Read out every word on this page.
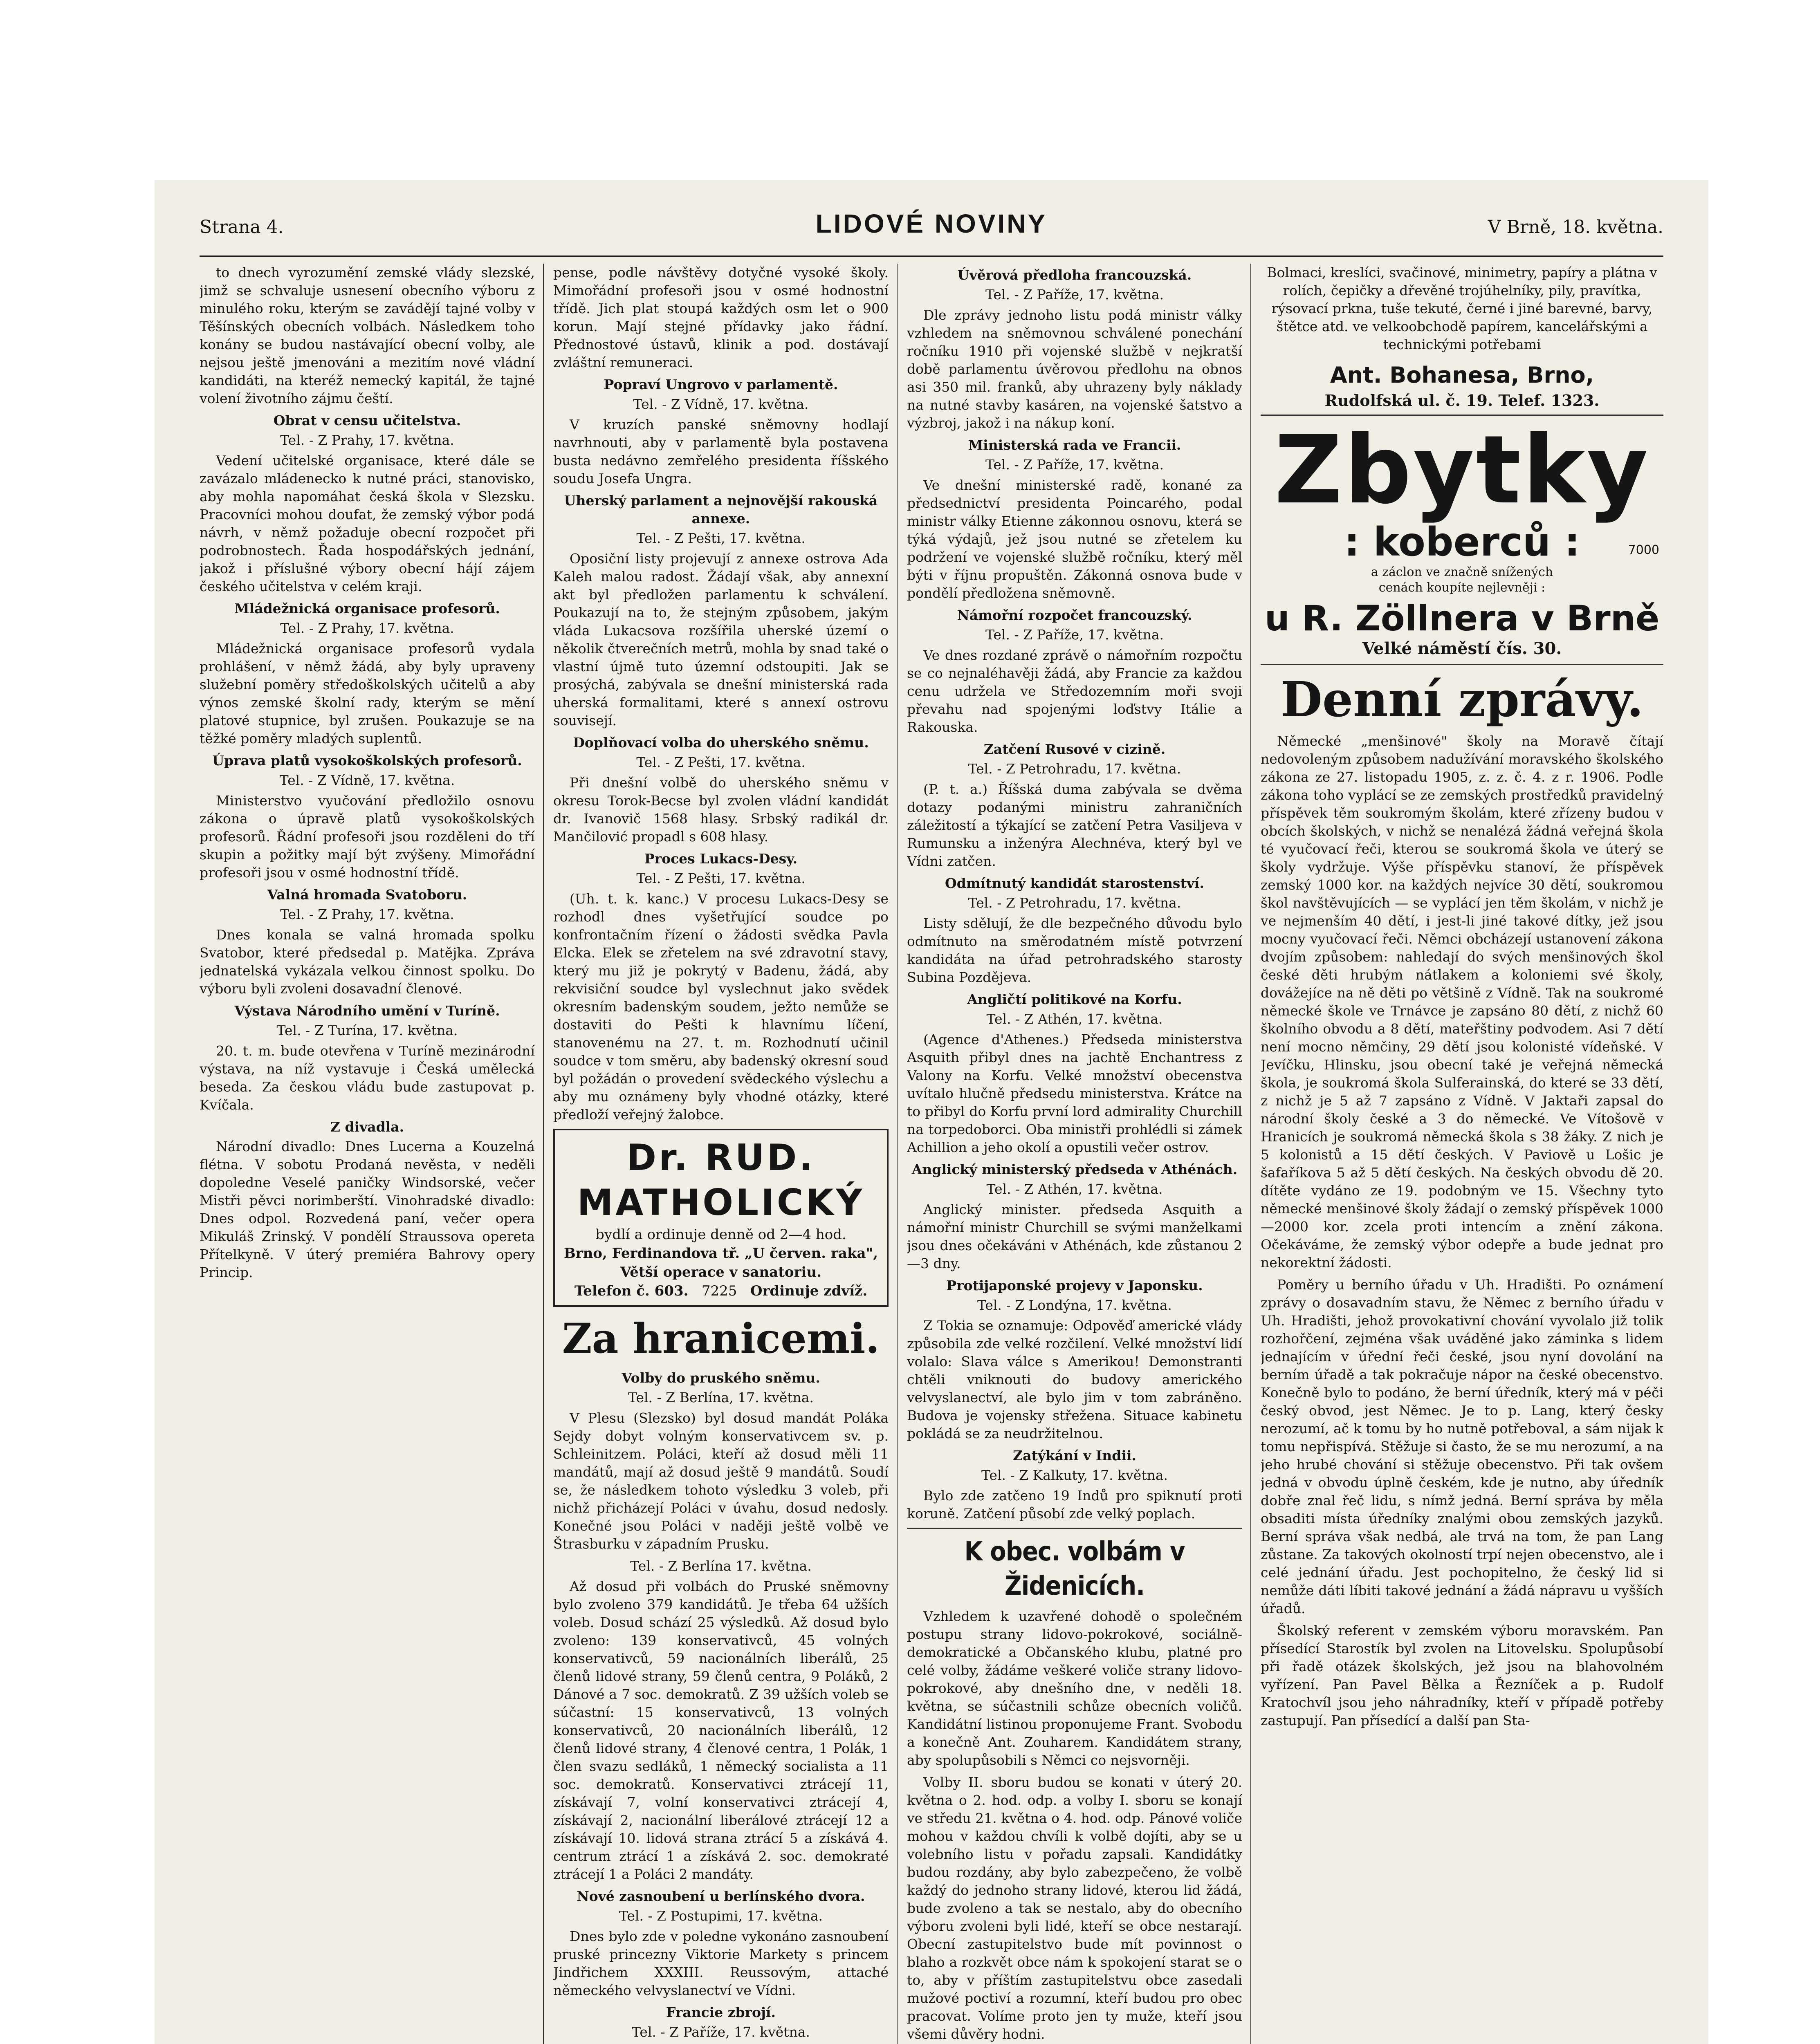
Strana 4.	LIDOVÉ NOVINY	V Brně, 18. května.

to dnech vyrozumění zemské vlády slezské, jimž se schvaluje usnesení obecního výboru z minulého roku, kterým se zavádějí tajné volby v Těšínských obecních volbách. Následkem toho konány se budou nastávající obecní volby, ale nejsou ještě jmenováni a mezitím nové vládní kandidáti, na kteréž nemecký kapitál, že tajné volení životního zájmu čeští.

Obrat v censu učitelstva.

Tel. - Z Prahy, 17. května.

Vedení učitelské organisace, které dále se zavázalo mládenecko k nutné práci, stanovisko, aby mohla napomáhat česká škola v Slezsku. Pracovníci mohou doufat, že zemský výbor podá návrh, v němž požaduje obecní rozpočet při podrobnostech. Řada hospodářských jednání, jakož i příslušné výbory obecní hájí zájem českého učitelstva v celém kraji.

Mládežnická organisace profesorů.

Tel. - Z Prahy, 17. května.

Mládežnická organisace profesorů vydala prohlášení, v němž žádá, aby byly upraveny služební poměry středoškolských učitelů a aby výnos zemské školní rady, kterým se mění platové stupnice, byl zrušen. Poukazuje se na těžké poměry mladých suplentů.

Úprava platů vysokoškolských profesorů.

Tel. - Z Vídně, 17. května.

Ministerstvo vyučování předložilo osnovu zákona o úpravě platů vysokoškolských profesorů. Řádní profesoři jsou rozděleni do tří skupin a požitky mají být zvýšeny. Mimořádní profesoři jsou v osmé hodnostní třídě.

Valná hromada Svatoboru.

Tel. - Z Prahy, 17. května.

Dnes konala se valná hromada spolku Svatobor, které předsedal p. Matějka. Zpráva jednatelská vykázala velkou činnost spolku. Do výboru byli zvoleni dosavadní členové.

Výstava Národního umění v Turíně.

Tel. - Z Turína, 17. května.

20. t. m. bude otevřena v Turíně mezinárodní výstava, na níž vystavuje i Česká umělecká beseda. Za českou vládu bude zastupovat p. Kvíčala.

Z divadla.

Národní divadlo: Dnes Lucerna a Kouzelná flétna. V sobotu Prodaná nevěsta, v neděli dopoledne Veselé paničky Windsorské, večer Mistři pěvci norimberští. Vinohradské divadlo: Dnes odpol. Rozvedená paní, večer opera Mikuláš Zrinský. V pondělí Straussova opereta Přítelkyně. V úterý premiéra Bahrovy opery Princip.

pense, podle návštěvy dotyčné vysoké školy. Mimořádní profesoři jsou v osmé hodnostní třídě. Jich plat stoupá každých osm let o 900 korun. Mají stejné přídavky jako řádní. Přednostové ústavů, klinik a pod. dostávají zvláštní remuneraci.

Popraví Ungrovo v parlamentě.

Tel. - Z Vídně, 17. května.

V kruzích panské sněmovny hodlají navrhnouti, aby v parlamentě byla postavena busta nedávno zemřelého presidenta říšského soudu Josefa Ungra.

Uherský parlament a nejnovější rakouská annexe.

Tel. - Z Pešti, 17. května.

Oposiční listy projevují z annexe ostrova Ada Kaleh malou radost. Žádají však, aby annexní akt byl předložen parlamentu k schválení. Poukazují na to, že stejným způsobem, jakým vláda Lukacsova rozšířila uherské území o několik čtverečních metrů, mohla by snad také o vlastní újmě tuto územní odstoupiti. Jak se prosýchá, zabývala se dnešní ministerská rada uherská formalitami, které s annexí ostrovu souvisejí.

Doplňovací volba do uherského sněmu.

Tel. - Z Pešti, 17. května.

Při dnešní volbě do uherského sněmu v okresu Torok-Becse byl zvolen vládní kandidát dr. Ivanovič 1568 hlasy. Srbský radikál dr. Mančilović propadl s 608 hlasy.

Proces Lukacs-Desy.

Tel. - Z Pešti, 17. května.

(Uh. t. k. kanc.) V procesu Lukacs-Desy se rozhodl dnes vyšetřující soudce po konfrontačním řízení o žádosti svědka Pavla Elcka. Elek se zřetelem na své zdravotní stavy, který mu již je pokrytý v Badenu, žádá, aby rekvisiční soudce byl vyslechnut jako svědek okresním badenským soudem, ježto nemůže se dostaviti do Pešti k hlavnímu líčení, stanovenému na 27. t. m. Rozhodnutí učinil soudce v tom směru, aby badenský okresní soud byl požádán o provedení svědeckého výslechu a aby mu oznámeny byly vhodné otázky, které předloží veřejný žalobce.

Dr. RUD. MATHOLICKÝ
bydlí a ordinuje denně od 2—4 hod.
Brno, Ferdinandova tř. „U červen. raka",
Větší operace v sanatoriu.
Telefon č. 603. 7225 Ordinuje zdvíž.
Za hranicemi.

Volby do pruského sněmu.

Tel. - Z Berlína, 17. května.

V Plesu (Slezsko) byl dosud mandát Poláka Sejdy dobyt volným konservativcem sv. p. Schleinitzem. Poláci, kteří až dosud měli 11 mandátů, mají až dosud ještě 9 mandátů. Soudí se, že následkem tohoto výsledku 3 voleb, při nichž přicházejí Poláci v úvahu, dosud nedosly. Konečné jsou Poláci v naději ještě volbě ve Štrasburku v západním Prusku.

Tel. - Z Berlína 17. května.

Až dosud při volbách do Pruské sněmovny bylo zvoleno 379 kandidátů. Je třeba 64 užších voleb. Dosud schází 25 výsledků. Až dosud bylo zvoleno: 139 konservativců, 45 volných konservativců, 59 nacionálních liberálů, 25 členů lidové strany, 59 členů centra, 9 Poláků, 2 Dánové a 7 soc. demokratů. Z 39 užších voleb se súčastní: 15 konservativců, 13 volných konservativců, 20 nacionálních liberálů, 12 členů lidové strany, 4 členové centra, 1 Polák, 1 člen svazu sedláků, 1 německý socialista a 11 soc. demokratů. Konservativci ztrácejí 11, získávají 7, volní konservativci ztrácejí 4, získávají 2, nacionální liberálové ztrácejí 12 a získávají 10. lidová strana ztrácí 5 a získává 4. centrum ztrácí 1 a získává 2. soc. demokraté ztrácejí 1 a Poláci 2 mandáty.

Nové zasnoubení u berlínského dvora.

Tel. - Z Postupimi, 17. května.

Dnes bylo zde v poledne vykonáno zasnoubení pruské princezny Viktorie Markety s princem Jindřichem XXXIII. Reussovým, attaché německého velvyslanectví ve Vídni.

Francie zbrojí.

Tel. - Z Paříže, 17. května.

Úvěrová předloha francouzská.

Tel. - Z Paříže, 17. května.

Dle zprávy jednoho listu podá ministr války vzhledem na sněmovnou schválené ponechání ročníku 1910 při vojenské službě v nejkratší době parlamentu úvěrovou předlohu na obnos asi 350 mil. franků, aby uhrazeny byly náklady na nutné stavby kasáren, na vojenské šatstvo a výzbroj, jakož i na nákup koní.

Ministerská rada ve Francii.

Tel. - Z Paříže, 17. května.

Ve dnešní ministerské radě, konané za předsednictví presidenta Poincarého, podal ministr války Etienne zákonnou osnovu, která se týká výdajů, jež jsou nutné se zřetelem ku podržení ve vojenské službě ročníku, který měl býti v říjnu propuštěn. Zákonná osnova bude v pondělí předložena sněmovně.

Námořní rozpočet francouzský.

Tel. - Z Paříže, 17. května.

Ve dnes rozdané zprávě o námořním rozpočtu se co nejnaléhavěji žádá, aby Francie za každou cenu udržela ve Středozemním moři svoji převahu nad spojenými loďstvy Itálie a Rakouska.

Zatčení Rusové v cizině.

Tel. - Z Petrohradu, 17. května.

(P. t. a.) Říšská duma zabývala se dvěma dotazy podanými ministru zahraničních záležitostí a týkající se zatčení Petra Vasiljeva v Rumunsku a inženýra Alechnéva, který byl ve Vídni zatčen.

Odmítnutý kandidát starostenství.

Tel. - Z Petrohradu, 17. května.

Listy sdělují, že dle bezpečného důvodu bylo odmítnuto na směrodatném místě potvrzení kandidáta na úřad petrohradského starosty Subina Pozdějeva.

Angličtí politikové na Korfu.

Tel. - Z Athén, 17. května.

(Agence d'Athenes.) Předseda ministerstva Asquith přibyl dnes na jachtě Enchantress z Valony na Korfu. Velké množství obecenstva uvítalo hlučně předsedu ministerstva. Krátce na to přibyl do Korfu první lord admirality Churchill na torpedoborci. Oba ministři prohlédli si zámek Achillion a jeho okolí a opustili večer ostrov.

Anglický ministerský předseda v Athénách.

Tel. - Z Athén, 17. května.

Anglický minister. předseda Asquith a námořní ministr Churchill se svými manželkami jsou dnes očekáváni v Athénách, kde zůstanou 2—3 dny.

Protijaponské projevy v Japonsku.

Tel. - Z Londýna, 17. května.

Z Tokia se oznamuje: Odpověď americké vlády způsobila zde velké rozčilení. Velké množství lidí volalo: Slava válce s Amerikou! Demonstranti chtěli vniknouti do budovy amerického velvyslanectví, ale bylo jim v tom zabráněno. Budova je vojensky střežena. Situace kabinetu pokládá se za neudržitelnou.

Zatýkání v Indii.

Tel. - Z Kalkuty, 17. května.

Bylo zde zatčeno 19 Indů pro spiknutí proti koruně. Zatčení působí zde velký poplach.

K obec. volbám v Židenicích.

Vzhledem k uzavřené dohodě o společném postupu strany lidovo-pokrokové, sociálně-demokratické a Občanského klubu, platné pro celé volby, žádáme veškeré voliče strany lidovo-pokrokové, aby dnešního dne, v neděli 18. května, se súčastnili schůze obecních voličů. Kandidátní listinou proponujeme Frant. Svobodu a konečně Ant. Zouharem. Kandidátem strany, aby spolupůsobili s Němci co nejsvorněji.

Volby II. sboru budou se konati v úterý 20. května o 2. hod. odp. a volby I. sboru se konají ve středu 21. května o 4. hod. odp. Pánové voliče mohou v každou chvíli k volbě dojíti, aby se u volebního listu v pořadu zapsali. Kandidátky budou rozdány, aby bylo zabezpečeno, že volbě každý do jednoho strany lidové, kterou lid žádá, bude zvoleno a tak se nestalo, aby do obecního výboru zvoleni byli lidé, kteří se obce nestarají. Obecní zastupitelstvo bude mít povinnost o blaho a rozkvět obce nám k spokojení starat se o to, aby v příštím zastupitelstvu obce zasedali mužové poctiví a rozumní, kteří budou pro obec pracovat. Volíme proto jen ty muže, kteří jsou všemi důvěry hodni.

Bolmaci, kreslíci, svačinové, minimetry, papíry a plátna v rolích, čepičky a dřevěné trojúhelníky, pily, pravítka, rýsovací prkna, tuše tekuté, černé i jiné barevné, barvy, štětce atd. ve velkoobchodě papírem, kancelářskými a technickými potřebami

Ant. Bohanesa, Brno,
Rudolfská ul. č. 19. Telef. 1323.
Zbytky
: koberců :	7000

a záclon ve značně snížených

cenách koupíte nejlevněji :

u R. Zöllnera v Brně
Velké náměstí čís. 30.
Denní zprávy.

Německé „menšinové" školy na Moravě čítají nedovoleným způsobem nadužívání moravského školského zákona ze 27. listopadu 1905, z. z. č. 4. z r. 1906. Podle zákona toho vyplácí se ze zemských prostředků pravidelný příspěvek těm soukromým školám, které zřízeny budou v obcích školských, v nichž se nenalézá žádná veřejná škola té vyučovací řeči, kterou se soukromá škola ve úterý se školy vydržuje. Výše příspěvku stanoví, že příspěvek zemský 1000 kor. na každých nejvíce 30 dětí, soukromou škol navštěvujících — se vyplácí jen těm školám, v nichž je ve nejmenším 40 dětí, i jest-li jiné takové dítky, jež jsou mocny vyučovací řeči. Němci obcházejí ustanovení zákona dvojím způsobem: nahledají do svých menšinových škol české děti hrubým nátlakem a koloniemi své školy, dovážejíce na ně děti po většině z Vídně. Tak na soukromé německé škole ve Trnávce je zapsáno 80 dětí, z nichž 60 školního obvodu a 8 dětí, mateřštiny podvodem. Asi 7 dětí není mocno němčiny, 29 dětí jsou kolonisté vídeňské. V Jevíčku, Hlinsku, jsou obecní také je veřejná německá škola, je soukromá škola Sulferainská, do které se 33 dětí, z nichž je 5 až 7 zapsáno z Vídně. V Jaktaři zapsal do národní školy české a 3 do německé. Ve Vítošově v Hranicích je soukromá německá škola s 38 žáky. Z nich je 5 kolonistů a 15 dětí českých. V Paviově u Lošic je šafaříkova 5 až 5 dětí českých. Na českých obvodu dě 20. dítěte vydáno ze 19. podobným ve 15. Všechny tyto německé menšinové školy žádají o zemský příspěvek 1000—2000 kor. zcela proti intencím a znění zákona. Očekáváme, že zemský výbor odepře a bude jednat pro nekorektní žádosti.

Poměry u berního úřadu v Uh. Hradišti. Po oznámení zprávy o dosavadním stavu, že Němec z berního úřadu v Uh. Hradišti, jehož provokativní chování vyvolalo již tolik rozhořčení, zejména však uváděné jako záminka s lidem jednajícím v úřední řeči české, jsou nyní dovolání na berním úřadě a tak pokračuje nápor na české obecenstvo. Konečně bylo to podáno, že berní úředník, který má v péči český obvod, jest Němec. Je to p. Lang, který česky nerozumí, ač k tomu by ho nutně potřeboval, a sám nijak k tomu nepřispívá. Stěžuje si často, že se mu nerozumí, a na jeho hrubé chování si stěžuje obecenstvo. Při tak ovšem jedná v obvodu úplně českém, kde je nutno, aby úředník dobře znal řeč lidu, s nímž jedná. Berní správa by měla obsaditi místa úředníky znalými obou zemských jazyků. Berní správa však nedbá, ale trvá na tom, že pan Lang zůstane. Za takových okolností trpí nejen obecenstvo, ale i celé jednání úřadu. Jest pochopitelno, že český lid si nemůže dáti líbiti takové jednání a žádá nápravu u vyšších úřadů.

Školský referent v zemském výboru moravském. Pan přísedící Starostík byl zvolen na Litovelsku. Spolupůsobí při řadě otázek školských, jež jsou na blahovolném vyřízení. Pan Pavel Bělka a Řezníček a p. Rudolf Kratochvíl jsou jeho náhradníky, kteří v případě potřeby zastupují. Pan přísedící a další pan Sta-
